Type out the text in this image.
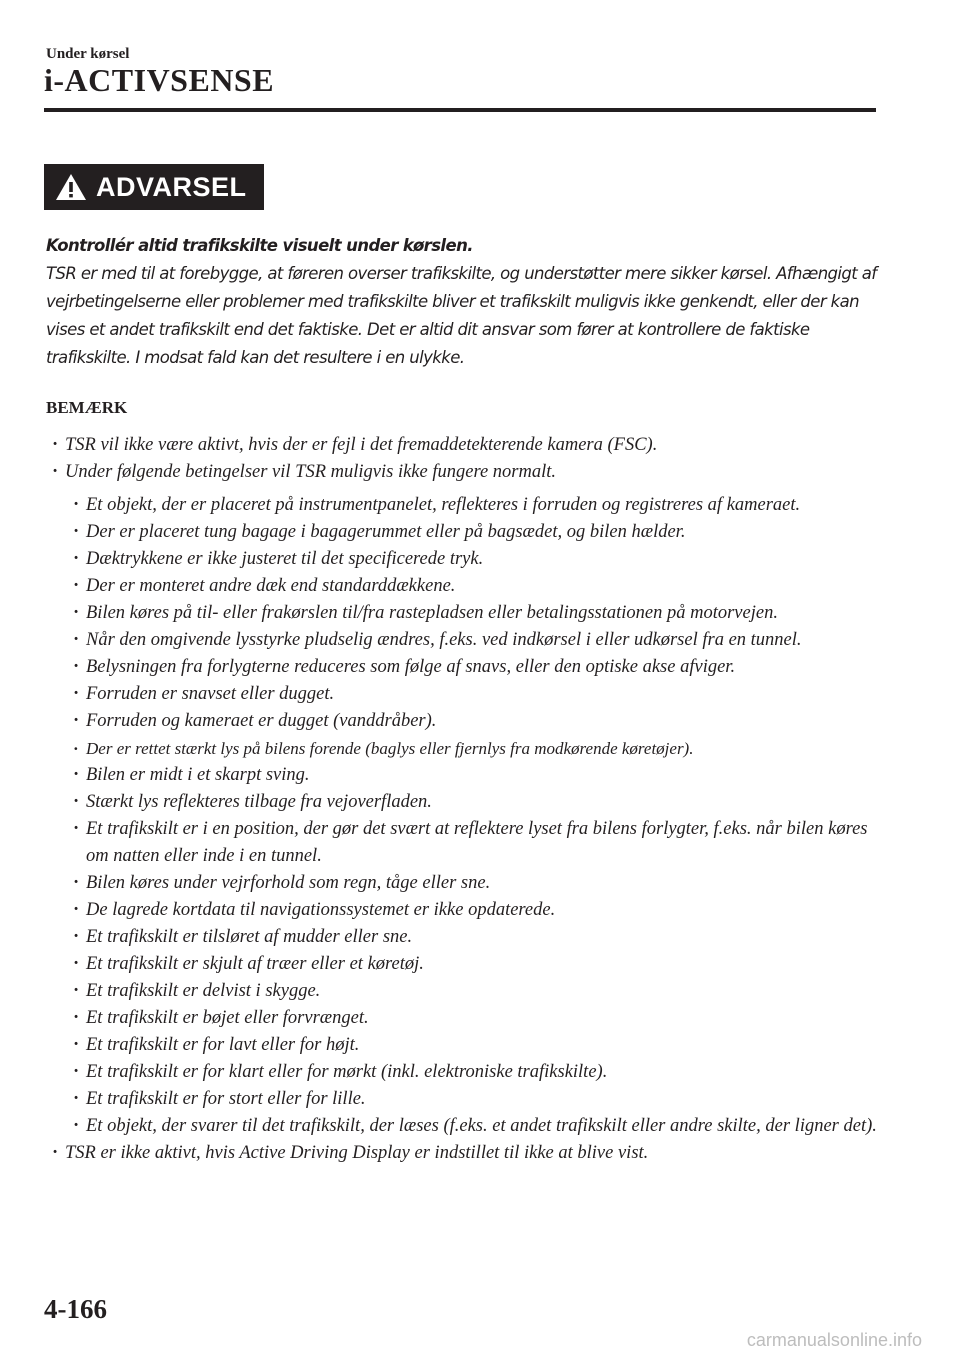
Under kørsel
i-ACTIVSENSE
ADVARSEL

Kontrollér altid trafikskilte visuelt under kørslen.

TSR er med til at forebygge, at føreren overser trafikskilte, og understøtter mere sikker kørsel. Afhængigt af vejrbetingelserne eller problemer med trafikskilte bliver et trafikskilt muligvis ikke genkendt, eller der kan vises et andet trafikskilt end det faktiske. Det er altid dit ansvar som fører at kontrollere de faktiske trafikskilte. I modsat fald kan det resultere i en ulykke.

BEMÆRK
· TSR vil ikke være aktivt, hvis der er fejl i det fremaddetekterende kamera (FSC).
· Under følgende betingelser vil TSR muligvis ikke fungere normalt.
· Et objekt, der er placeret på instrumentpanelet, reflekteres i forruden og registreres af kameraet.
· Der er placeret tung bagage i bagagerummet eller på bagsædet, og bilen hælder.
· Dæktrykkene er ikke justeret til det specificerede tryk.
· Der er monteret andre dæk end standarddækkene.
· Bilen køres på til- eller frakørslen til/fra rastepladsen eller betalingsstationen på motorvejen.
· Når den omgivende lysstyrke pludselig ændres, f.eks. ved indkørsel i eller udkørsel fra en tunnel.
· Belysningen fra forlygterne reduceres som følge af snavs, eller den optiske akse afviger.
· Forruden er snavset eller dugget.
· Forruden og kameraet er dugget (vanddråber).
· Der er rettet stærkt lys på bilens forende (baglys eller fjernlys fra modkørende køretøjer).
· Bilen er midt i et skarpt sving.
· Stærkt lys reflekteres tilbage fra vejoverfladen.
· Et trafikskilt er i en position, der gør det svært at reflektere lyset fra bilens forlygter, f.eks. når bilen køres om natten eller inde i en tunnel.
· Bilen køres under vejrforhold som regn, tåge eller sne.
· De lagrede kortdata til navigationssystemet er ikke opdaterede.
· Et trafikskilt er tilsløret af mudder eller sne.
· Et trafikskilt er skjult af træer eller et køretøj.
· Et trafikskilt er delvist i skygge.
· Et trafikskilt er bøjet eller forvrænget.
· Et trafikskilt er for lavt eller for højt.
· Et trafikskilt er for klart eller for mørkt (inkl. elektroniske trafikskilte).
· Et trafikskilt er for stort eller for lille.
· Et objekt, der svarer til det trafikskilt, der læses (f.eks. et andet trafikskilt eller andre skilte, der ligner det).
· TSR er ikke aktivt, hvis Active Driving Display er indstillet til ikke at blive vist.
4-166
carmanualsonline.info
